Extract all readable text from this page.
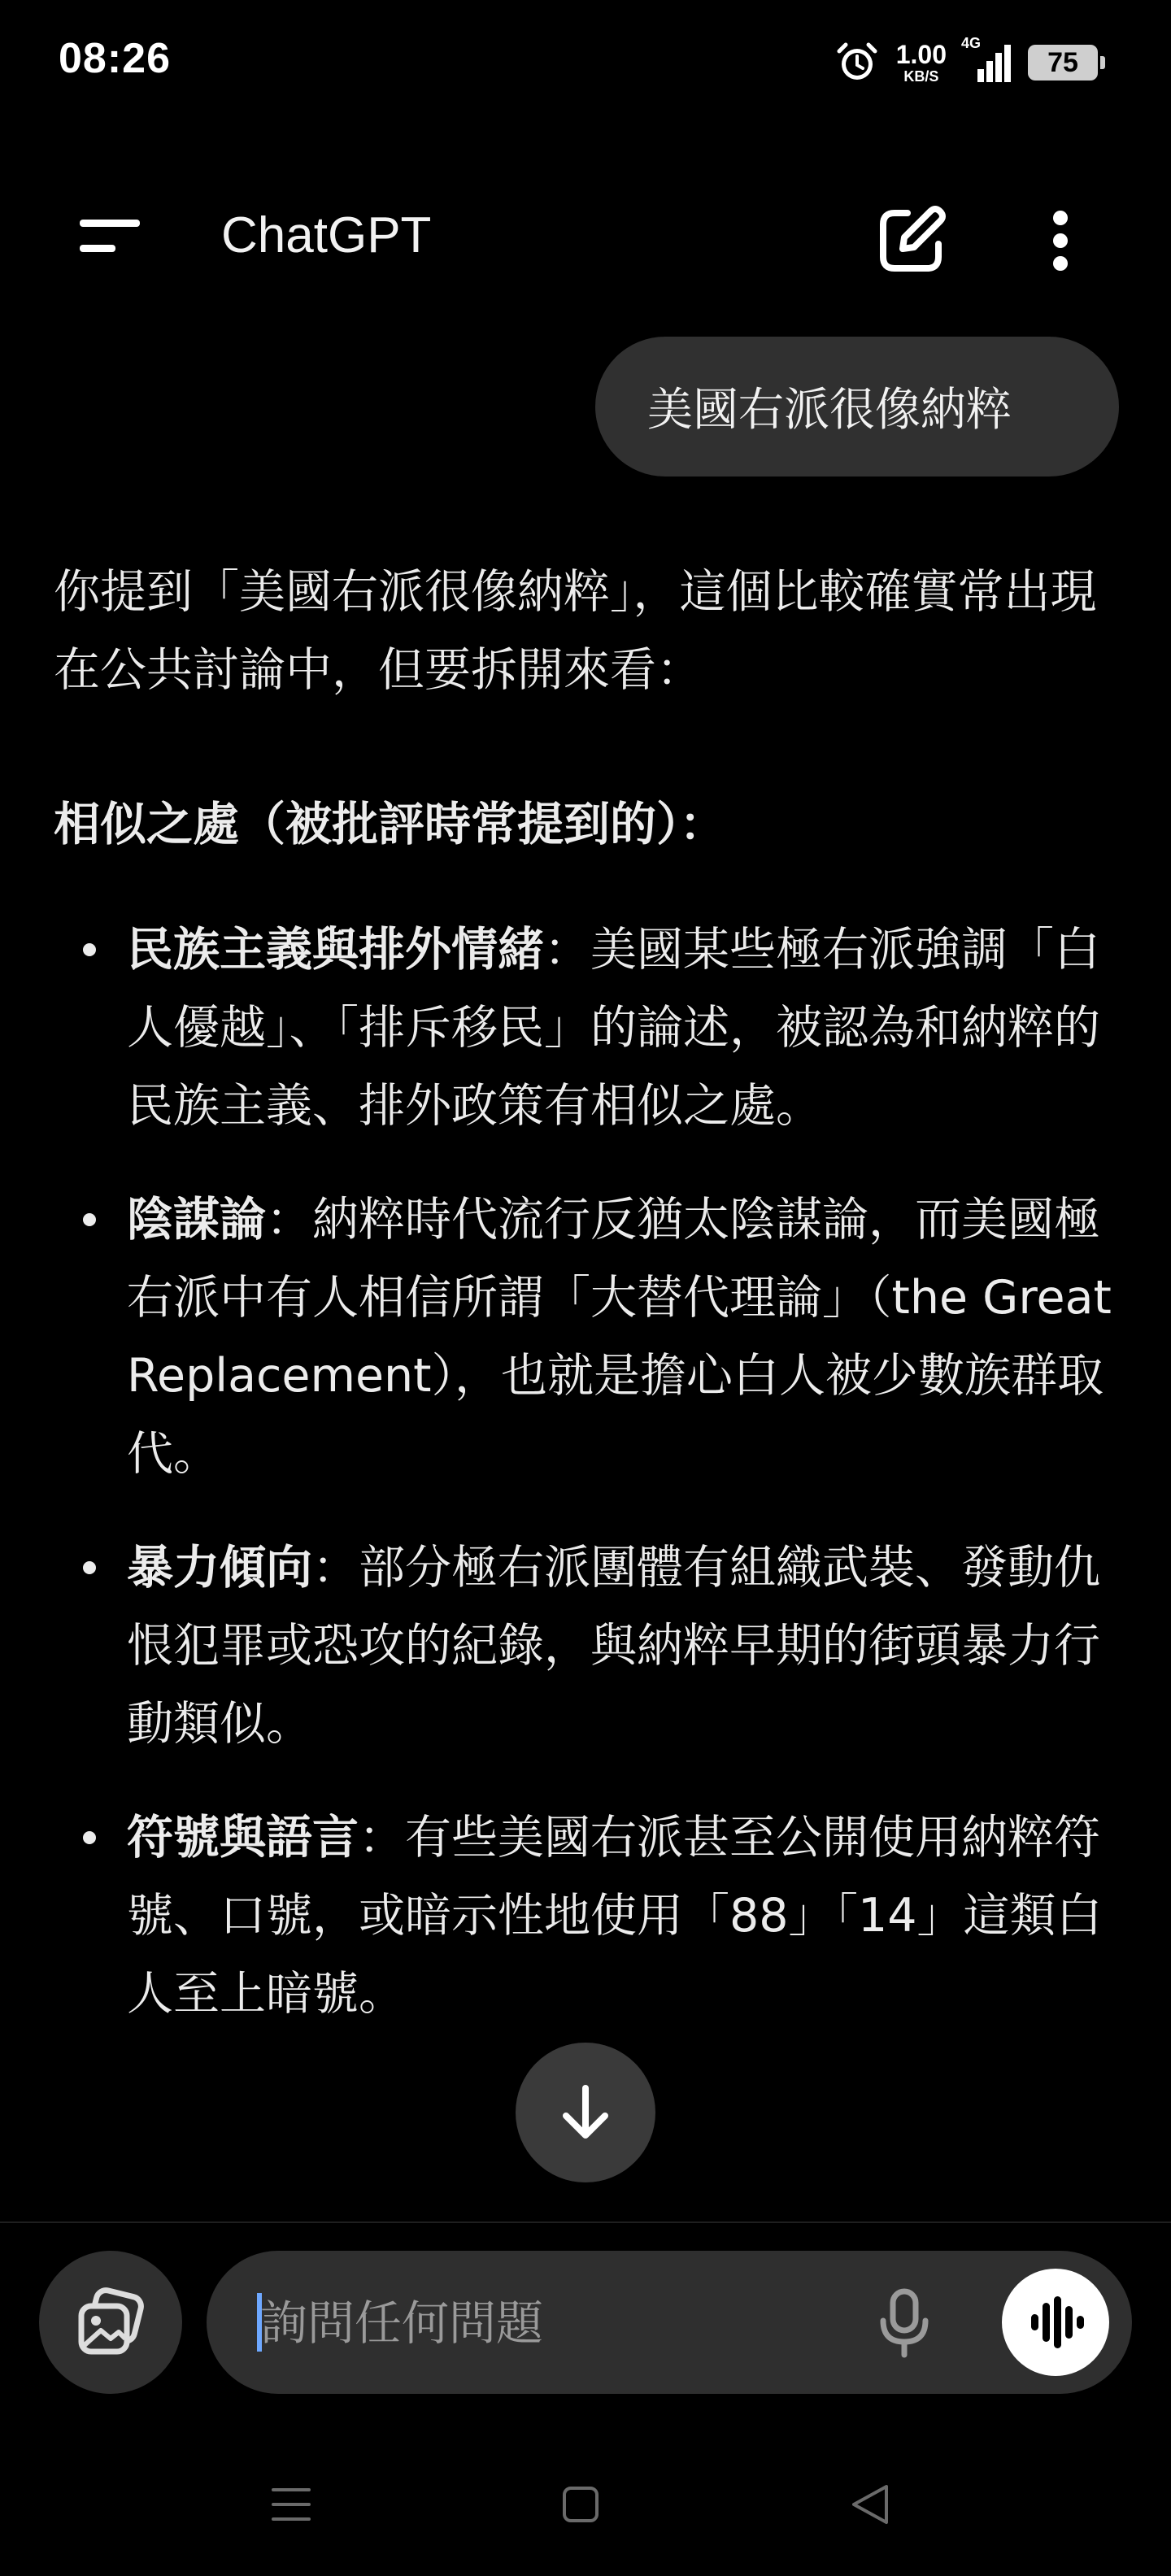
08:26	1.00
KB/S
4G
75
ChatGPT
美國右派很像納粹

你提到「美國右派很像納粹」，這個比較確實常出現在公共討論中，但要拆開來看：

相似之處（被批評時常提到的）：

民族主義與排外情緒：美國某些極右派強調「白人優越」、「排斥移民」的論述，被認為和納粹的民族主義、排外政策有相似之處。
陰謀論：納粹時代流行反猶太陰謀論，而美國極右派中有人相信所謂「大替代理論」（the Great Replacement），也就是擔心白人被少數族群取代。
暴力傾向：部分極右派團體有組織武裝、發動仇恨犯罪或恐攻的紀錄，與納粹早期的街頭暴力行動類似。
符號與語言：有些美國右派甚至公開使用納粹符號、口號，或暗示性地使用「88」「14」這類白人至上暗號。
詢問任何問題
